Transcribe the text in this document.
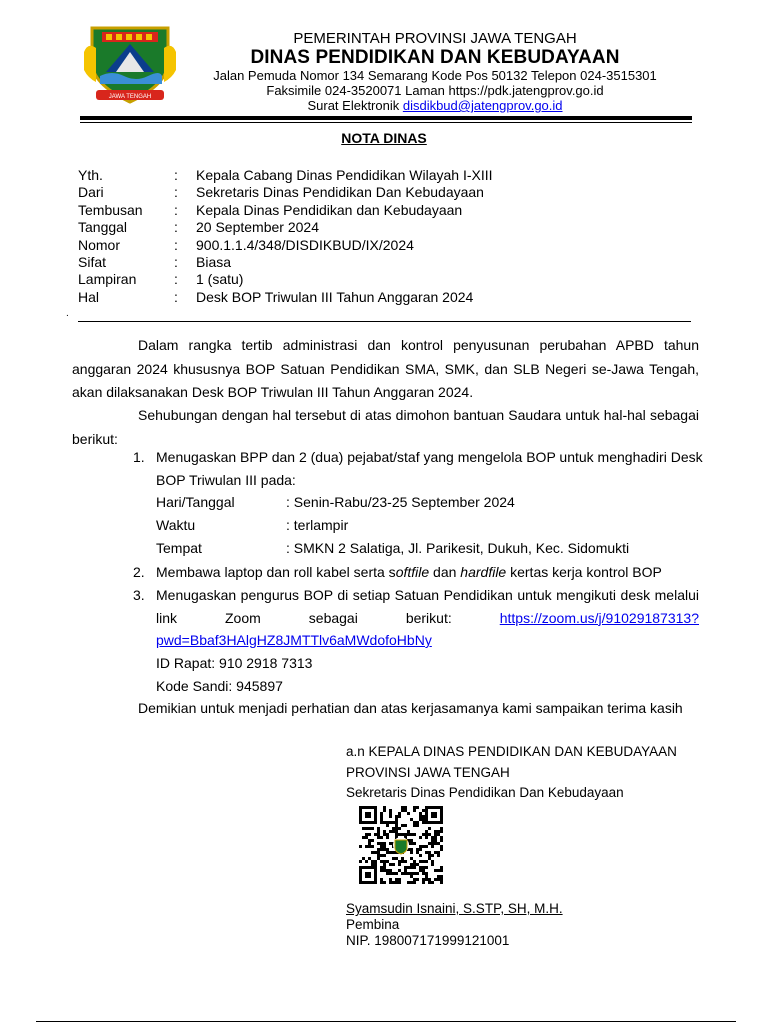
JAWA TENGAH
PEMERINTAH PROVINSI JAWA TENGAH
DINAS PENDIDIKAN DAN KEBUDAYAAN
Jalan Pemuda Nomor 134 Semarang Kode Pos 50132 Telepon 024-3515301
Faksimile 024-3520071 Laman https://pdk.jatengprov.go.id
Surat Elektronik disdikbud@jatengprov.go.id
NOTA DINAS
Yth.	:	Kepala Cabang Dinas Pendidikan Wilayah I-XIII
Dari	:	Sekretaris Dinas Pendidikan Dan Kebudayaan
Tembusan	:	Kepala Dinas Pendidikan dan Kebudayaan
Tanggal	:	20 September 2024
Nomor	:	900.1.1.4/348/DISDIKBUD/IX/2024
Sifat	:	Biasa
Lampiran	:	1 (satu)
Hal	:	Desk BOP Triwulan III Tahun Anggaran 2024
.
Dalam rangka tertib administrasi dan kontrol penyusunan perubahan APBD tahun anggaran 2024 khususnya BOP Satuan Pendidikan SMA, SMK, dan SLB Negeri se-Jawa Tengah, akan dilaksanakan Desk BOP Triwulan III Tahun Anggaran 2024.
Sehubungan dengan hal tersebut di atas dimohon bantuan Saudara untuk hal-hal sebagai berikut:
1. Menugaskan BPP dan 2 (dua) pejabat/staf yang mengelola BOP untuk menghadiri Desk BOP Triwulan III pada:
Hari/Tanggal	: Senin-Rabu/23-25 September 2024
Waktu	: terlampir
Tempat	: SMKN 2 Salatiga, Jl. Parikesit, Dukuh, Kec. Sidomukti
2. Membawa laptop dan roll kabel serta softfile dan hardfile kertas kerja kontrol BOP
3. Menugaskan pengurus BOP di setiap Satuan Pendidikan untuk mengikuti desk melalui link Zoom sebagai berikut:	https://zoom.us/j/91029187313?
pwd=Bbaf3HAlgHZ8JMTTlv6aMWdofoHbNy
ID Rapat: 910 2918 7313
Kode Sandi: 945897
Demikian untuk menjadi perhatian dan atas kerjasamanya kami sampaikan terima kasih
a.n KEPALA DINAS PENDIDIKAN DAN KEBUDAYAAN
PROVINSI JAWA TENGAH
Sekretaris Dinas Pendidikan Dan Kebudayaan
Syamsudin Isnaini, S.STP, SH, M.H.
Pembina
NIP. 198007171999121001
